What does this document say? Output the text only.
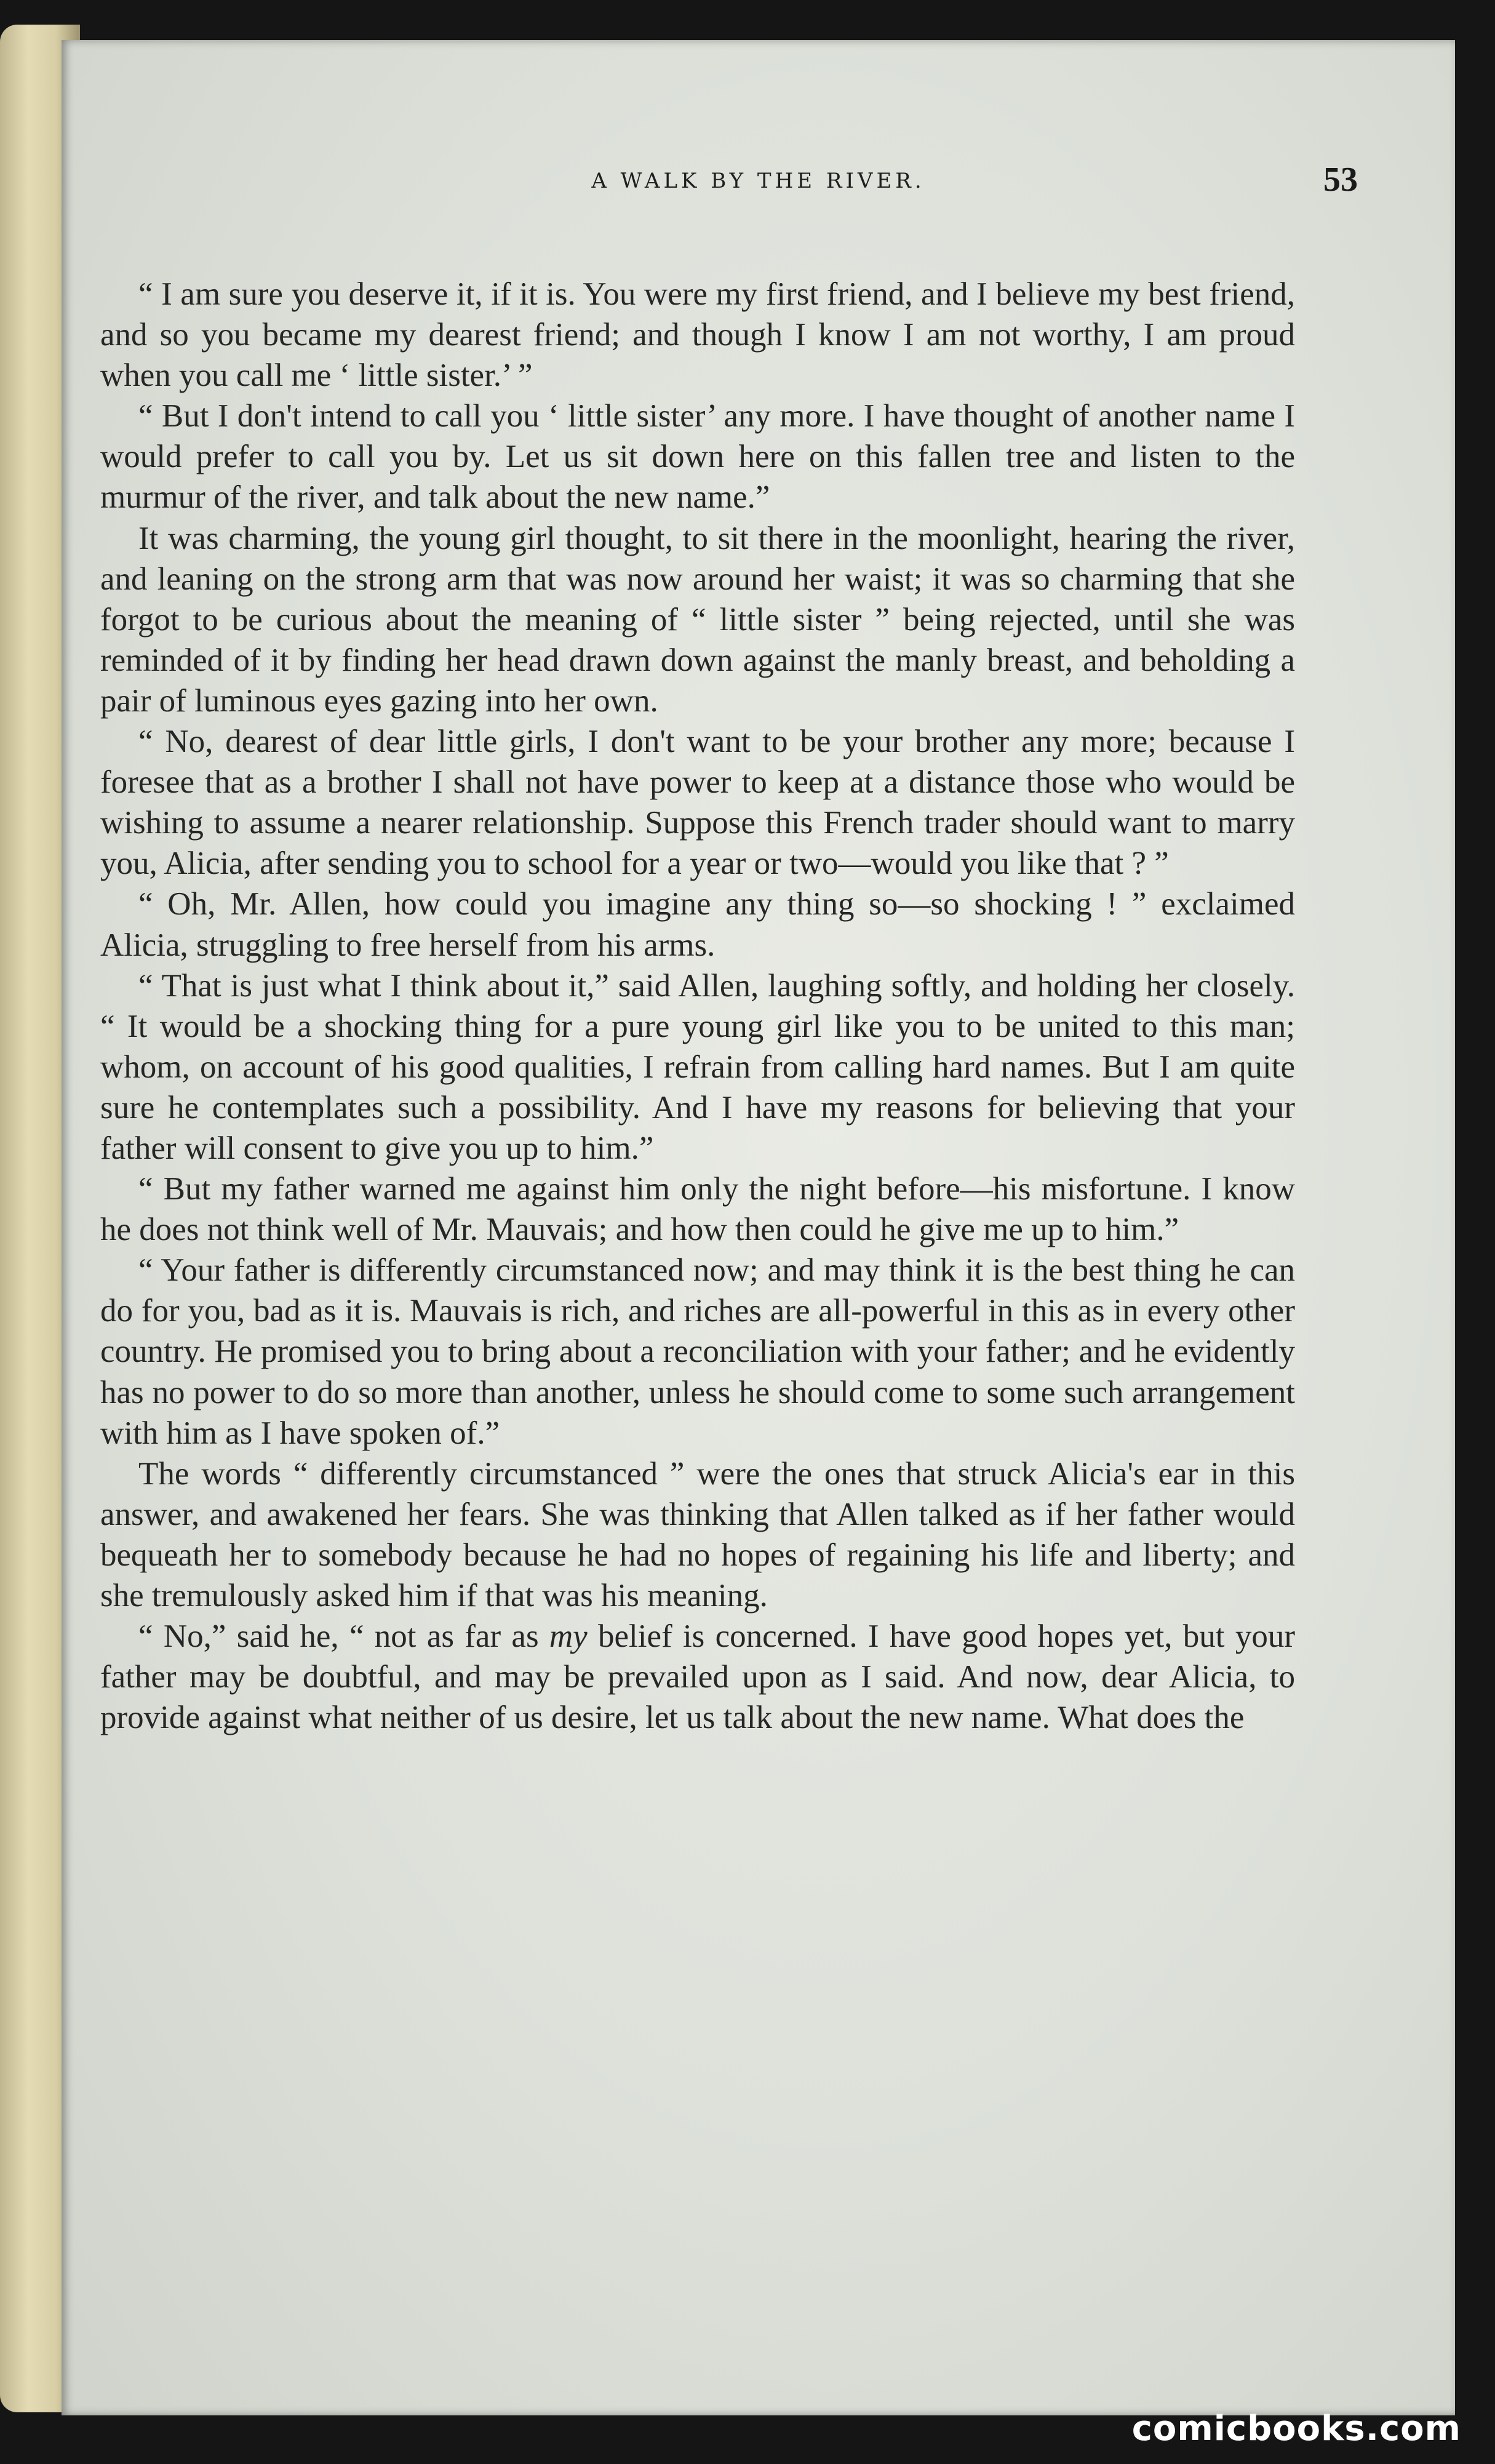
A WALK BY THE RIVER.	53

“ I am sure you deserve it, if it is. You were my first friend, and I believe my best friend, and so you became my dearest friend; and though I know I am not worthy, I am proud when you call me ‘ little sister.’ ”

“ But I don't intend to call you ‘ little sister’ any more. I have thought of another name I would prefer to call you by. Let us sit down here on this fallen tree and listen to the murmur of the river, and talk about the new name.”

It was charming, the young girl thought, to sit there in the moonlight, hearing the river, and leaning on the strong arm that was now around her waist; it was so charming that she forgot to be curious about the meaning of “ little sister ” being rejected, until she was reminded of it by finding her head drawn down against the manly breast, and beholding a pair of luminous eyes gazing into her own.

“ No, dearest of dear little girls, I don't want to be your brother any more; because I foresee that as a brother I shall not have power to keep at a distance those who would be wishing to assume a nearer relationship. Suppose this French trader should want to marry you, Alicia, after sending you to school for a year or two—would you like that ? ”

“ Oh, Mr. Allen, how could you imagine any thing so—so shocking ! ” exclaimed Alicia, struggling to free herself from his arms.

“ That is just what I think about it,” said Allen, laughing softly, and holding her closely. “ It would be a shocking thing for a pure young girl like you to be united to this man; whom, on account of his good qualities, I refrain from calling hard names. But I am quite sure he contemplates such a possibility. And I have my reasons for believing that your father will consent to give you up to him.”

“ But my father warned me against him only the night before—his misfortune. I know he does not think well of Mr. Mauvais; and how then could he give me up to him.”

“ Your father is differently circumstanced now; and may think it is the best thing he can do for you, bad as it is. Mauvais is rich, and riches are all-powerful in this as in every other country. He promised you to bring about a reconciliation with your father; and he evidently has no power to do so more than another, unless he should come to some such arrangement with him as I have spoken of.”

The words “ differently circumstanced ” were the ones that struck Alicia's ear in this answer, and awakened her fears. She was thinking that Allen talked as if her father would bequeath her to somebody because he had no hopes of regaining his life and liberty; and she tremulously asked him if that was his meaning.

“ No,” said he, “ not as far as my belief is concerned. I have good hopes yet, but your father may be doubtful, and may be prevailed upon as I said. And now, dear Alicia, to provide against what neither of us desire, let us talk about the new name. What does the

comicbooks.com
